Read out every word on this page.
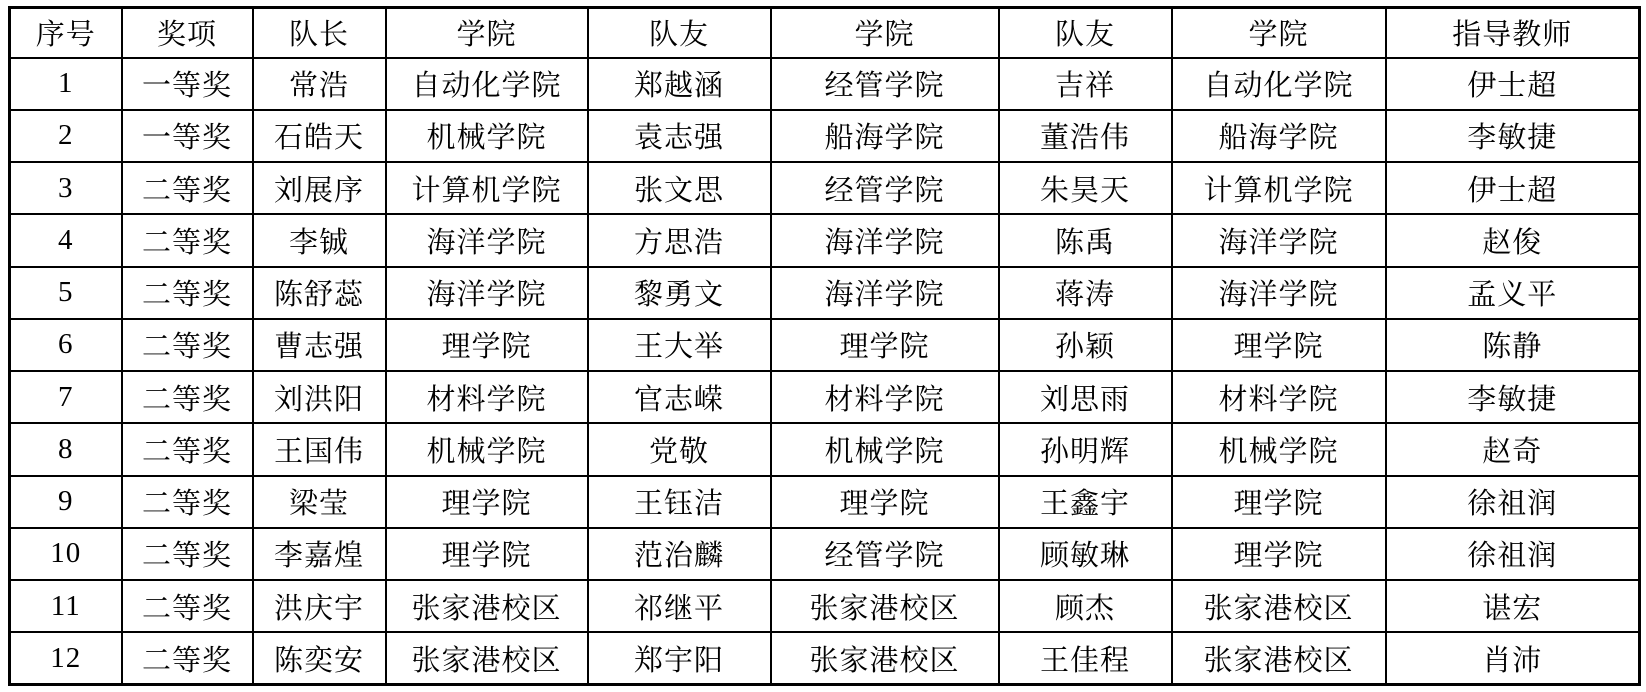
序号	奖项	队长	学院	队友	学院	队友	学院	指导教师
1	一等奖	常浩	自动化学院	郑越涵	经管学院	吉祥	自动化学院	伊士超
2	一等奖	石皓天	机械学院	袁志强	船海学院	董浩伟	船海学院	李敏捷
3	二等奖	刘展序	计算机学院	张文思	经管学院	朱昊天	计算机学院	伊士超
4	二等奖	李铖	海洋学院	方思浩	海洋学院	陈禹	海洋学院	赵俊
5	二等奖	陈舒蕊	海洋学院	黎勇文	海洋学院	蒋涛	海洋学院	孟义平
6	二等奖	曹志强	理学院	王大举	理学院	孙颖	理学院	陈静
7	二等奖	刘洪阳	材料学院	官志嵘	材料学院	刘思雨	材料学院	李敏捷
8	二等奖	王国伟	机械学院	党敬	机械学院	孙明辉	机械学院	赵奇
9	二等奖	梁莹	理学院	王钰洁	理学院	王鑫宇	理学院	徐祖润
10	二等奖	李嘉煌	理学院	范治麟	经管学院	顾敏琳	理学院	徐祖润
11	二等奖	洪庆宇	张家港校区	祁继平	张家港校区	顾杰	张家港校区	谌宏
12	二等奖	陈奕安	张家港校区	郑宇阳	张家港校区	王佳程	张家港校区	肖沛
